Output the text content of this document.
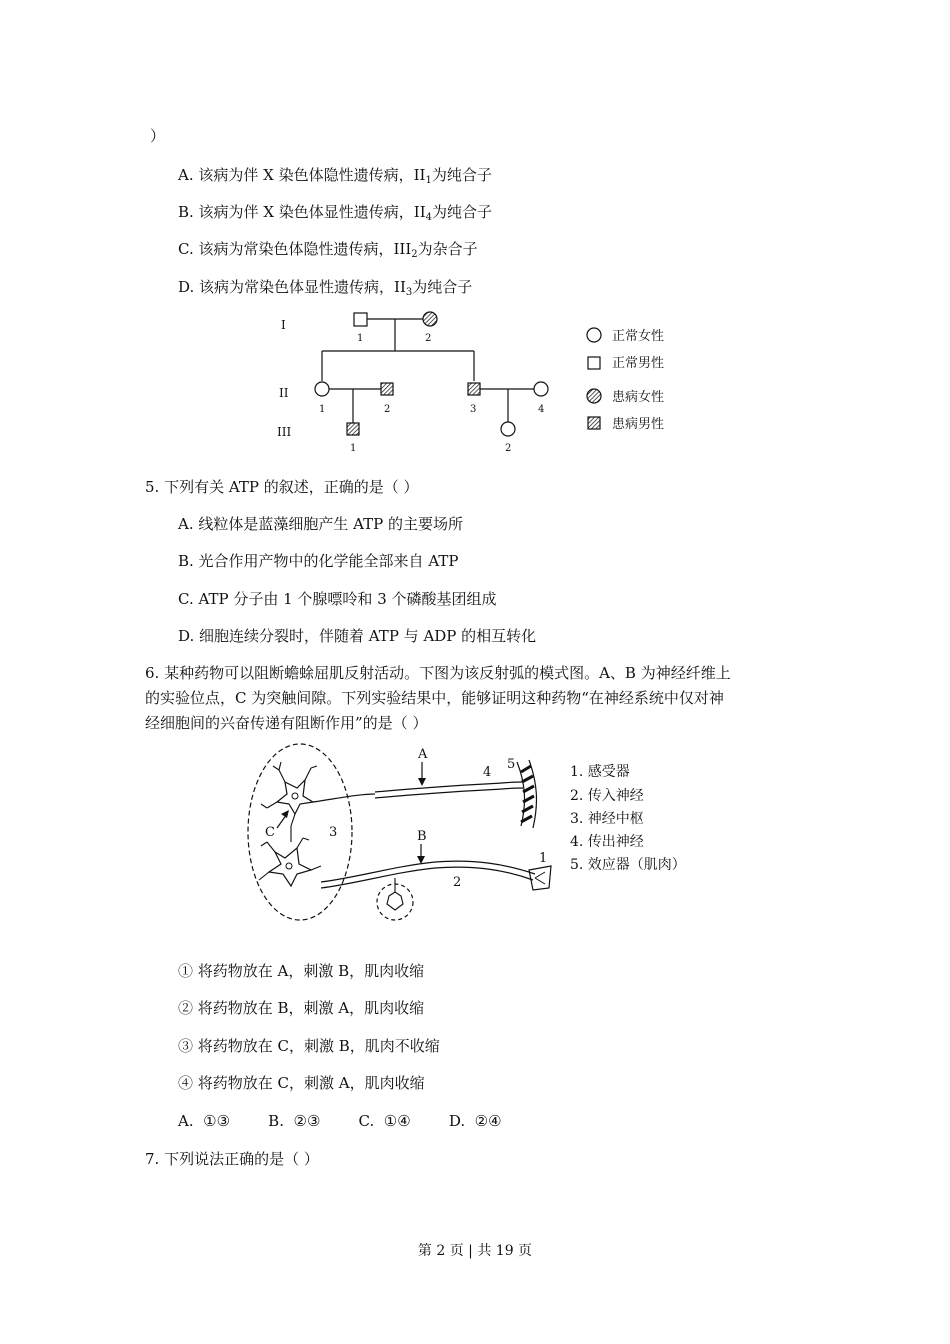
）
A. 该病为伴 X 染色体隐性遗传病，$II_1$为纯合子
B. 该病为伴 X 染色体显性遗传病，$II_4$为纯合子
C. 该病为常染色体隐性遗传病，$III_2$为杂合子
D. 该病为常染色体显性遗传病，$II_3$为纯合子
I
II
III
1	2
1	2	3	4
1	2
正常女性
正常男性
患病女性
患病男性
5. 下列有关 ATP 的叙述，正确的是（ ）
A. 线粒体是蓝藻细胞产生 ATP 的主要场所
B. 光合作用产物中的化学能全部来自 ATP
C. ATP 分子由 1 个腺嘌呤和 3 个磷酸基团组成
D. 细胞连续分裂时，伴随着 ATP 与 ADP 的相互转化
6. 某种药物可以阻断蟾蜍屈肌反射活动。下图为该反射弧的模式图。A、B 为神经纤维上
的实验位点，C 为突触间隙。下列实验结果中，能够证明这种药物“在神经系统中仅对神
经细胞间的兴奋传递有阻断作用”的是（ ）
3
C
A
4
5
B
2
1
1. 感受器
2. 传入神经
3. 神经中枢
4. 传出神经
5. 效应器（肌肉）
① 将药物放在 A，刺激 B，肌肉收缩
② 将药物放在 B，刺激 A，肌肉收缩
③ 将药物放在 C，刺激 B，肌肉不收缩
④ 将药物放在 C，刺激 A，肌肉收缩
A.  ①③        B.  ②③        C.  ①④        D.  ②④
7. 下列说法正确的是（ ）
第 2 页 | 共 19 页
